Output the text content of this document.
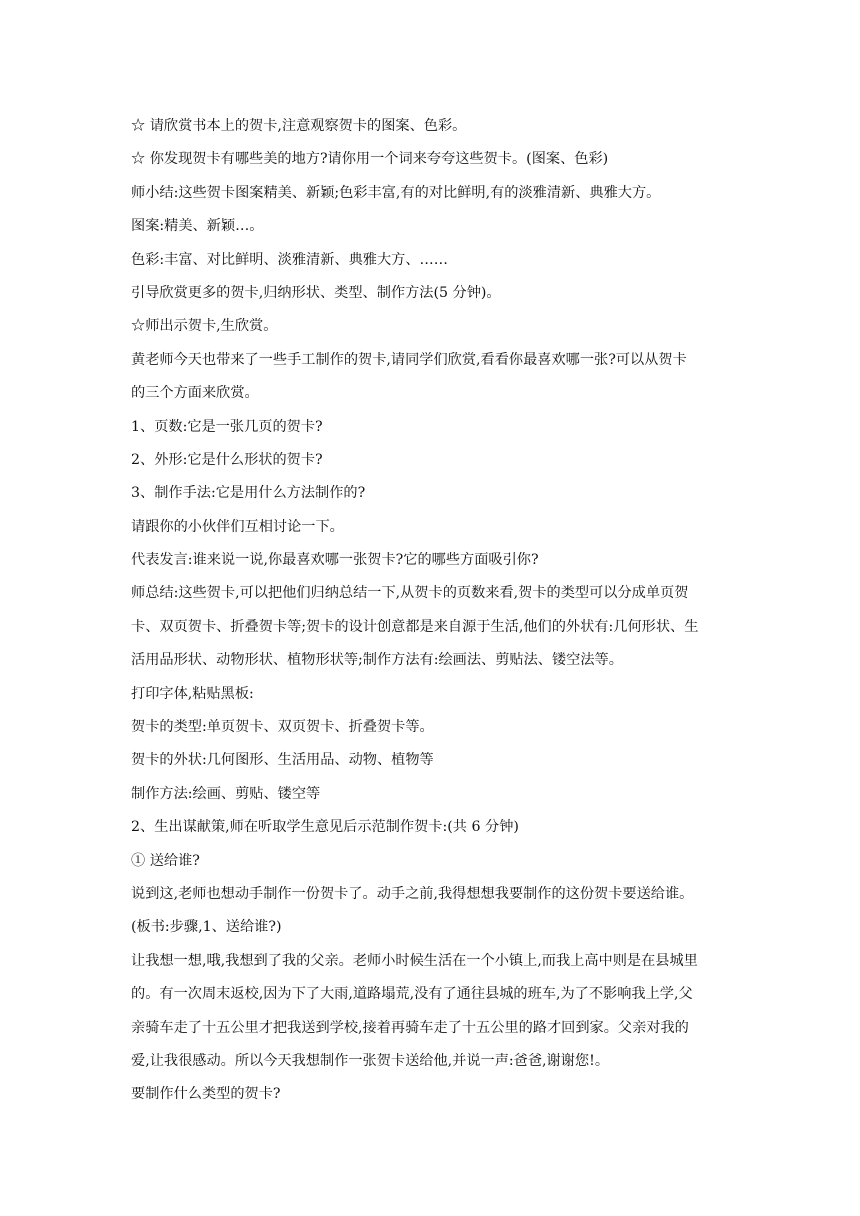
☆ 请欣赏书本上的贺卡,注意观察贺卡的图案、色彩。

☆ 你发现贺卡有哪些美的地方?请你用一个词来夸夸这些贺卡。(图案、色彩)

师小结:这些贺卡图案精美、新颖;色彩丰富,有的对比鲜明,有的淡雅清新、典雅大方。

图案:精美、新颖…。

色彩:丰富、对比鲜明、淡雅清新、典雅大方、……

引导欣赏更多的贺卡,归纳形状、类型、制作方法(5 分钟)。

☆师出示贺卡,生欣赏。

黄老师今天也带来了一些手工制作的贺卡,请同学们欣赏,看看你最喜欢哪一张?可以从贺卡

的三个方面来欣赏。

1、页数:它是一张几页的贺卡?

2、外形:它是什么形状的贺卡?

3、制作手法:它是用什么方法制作的?

请跟你的小伙伴们互相讨论一下。

代表发言:谁来说一说,你最喜欢哪一张贺卡?它的哪些方面吸引你?

师总结:这些贺卡,可以把他们归纳总结一下,从贺卡的页数来看,贺卡的类型可以分成单页贺

卡、双页贺卡、折叠贺卡等;贺卡的设计创意都是来自源于生活,他们的外状有:几何形状、生

活用品形状、动物形状、植物形状等;制作方法有:绘画法、剪贴法、镂空法等。

打印字体,粘贴黑板:

贺卡的类型:单页贺卡、双页贺卡、折叠贺卡等。

贺卡的外状:几何图形、生活用品、动物、植物等

制作方法:绘画、剪贴、镂空等

2、生出谋献策,师在听取学生意见后示范制作贺卡:(共 6 分钟)

① 送给谁?

说到这,老师也想动手制作一份贺卡了。动手之前,我得想想我要制作的这份贺卡要送给谁。

(板书:步骤,1、送给谁?)

让我想一想,哦,我想到了我的父亲。老师小时候生活在一个小镇上,而我上高中则是在县城里

的。有一次周末返校,因为下了大雨,道路塌荒,没有了通往县城的班车,为了不影响我上学,父

亲骑车走了十五公里才把我送到学校,接着再骑车走了十五公里的路才回到家。父亲对我的

爱,让我很感动。所以今天我想制作一张贺卡送给他,并说一声:爸爸,谢谢您!。

要制作什么类型的贺卡?
